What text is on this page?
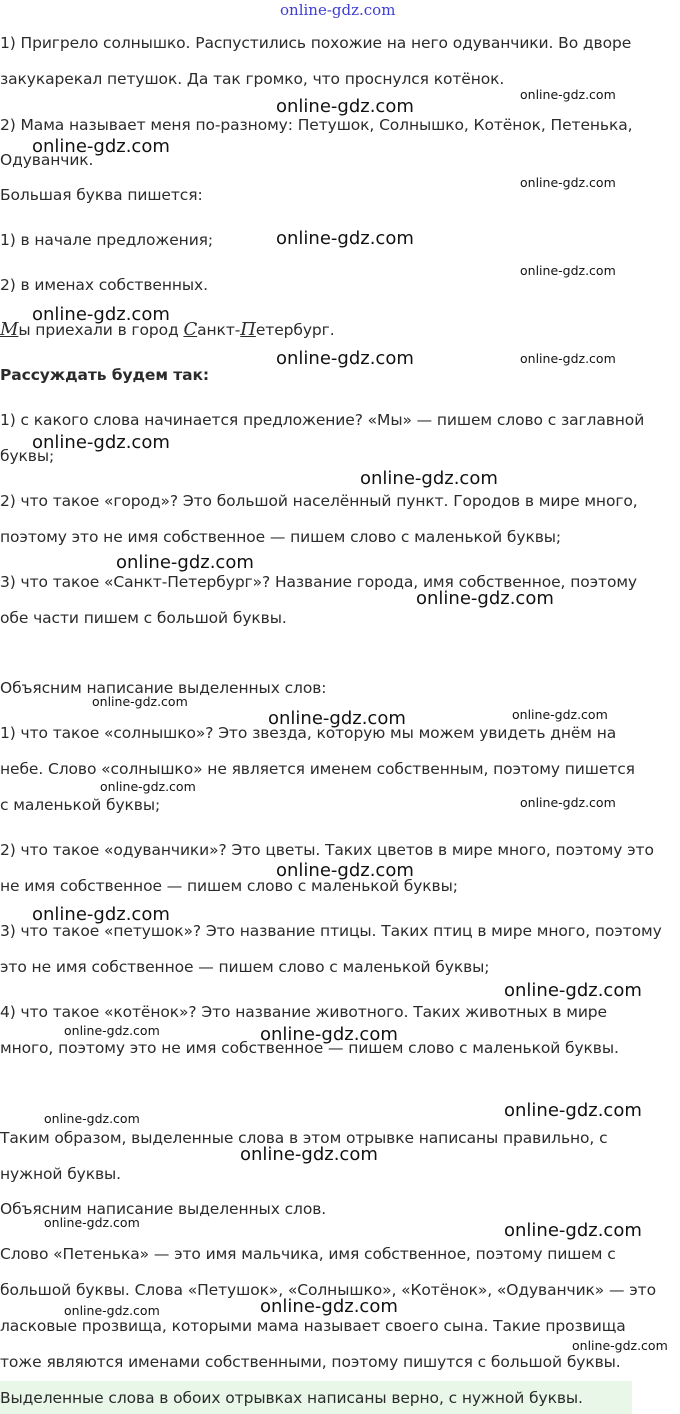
1) Пригрело солнышко. Распустились похожие на него одуванчики. Во дворе

закукарекал петушок. Да так громко, что проснулся котёнок.

2) Мама называет меня по-разному: Петушок, Солнышко, Котёнок, Петенька,

Одуванчик.

Большая буква пишется:

1) в начале предложения;

2) в именах собственных.

Мы приехали в город Санкт-Петербург.

Рассуждать будем так:

1) с какого слова начинается предложение? «Мы» — пишем слово с заглавной

буквы;

2) что такое «город»? Это большой населённый пункт. Городов в мире много,

поэтому это не имя собственное — пишем слово с маленькой буквы;

3) что такое «Санкт-Петербург»? Название города, имя собственное, поэтому

обе части пишем с большой буквы.

Объясним написание выделенных слов:

1) что такое «солнышко»? Это звезда, которую мы можем увидеть днём на

небе. Слово «солнышко» не является именем собственным, поэтому пишется

с маленькой буквы;

2) что такое «одуванчики»? Это цветы. Таких цветов в мире много, поэтому это

не имя собственное — пишем слово с маленькой буквы;

3) что такое «петушок»? Это название птицы. Таких птиц в мире много, поэтому

это не имя собственное — пишем слово с маленькой буквы;

4) что такое «котёнок»? Это название животного. Таких животных в мире

много, поэтому это не имя собственное — пишем слово с маленькой буквы.

Таким образом, выделенные слова в этом отрывке написаны правильно, с

нужной буквы.

Объясним написание выделенных слов.

Слово «Петенька» — это имя мальчика, имя собственное, поэтому пишем с

большой буквы. Слова «Петушок», «Солнышко», «Котёнок», «Одуванчик» — это

ласковые прозвища, которыми мама называет своего сына. Такие прозвища

тоже являются именами собственными, поэтому пишутся с большой буквы.

Выделенные слова в обоих отрывках написаны верно, с нужной буквы.

online-gdz.com
online-gdz.com
online-gdz.com
online-gdz.com
online-gdz.com
online-gdz.com
online-gdz.com
online-gdz.com
online-gdz.com	online-gdz.com
online-gdz.com
online-gdz.com
online-gdz.com
online-gdz.com
online-gdz.com
online-gdz.com
online-gdz.com
online-gdz.com
online-gdz.com
online-gdz.com
online-gdz.com
online-gdz.com
online-gdz.com	online-gdz.com
online-gdz.com
online-gdz.com
online-gdz.com
online-gdz.com	online-gdz.com
online-gdz.com
online-gdz.com
online-gdz.com
